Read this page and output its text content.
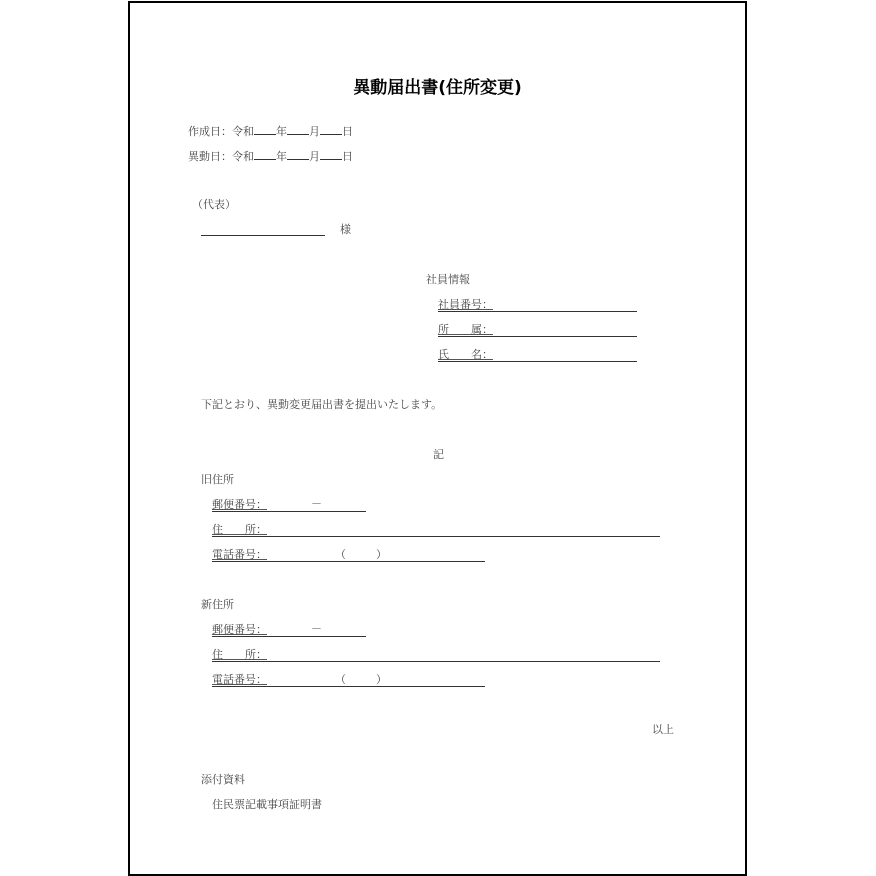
異動届出書(住所変更)
作成日：令和 年 月 日
異動日：令和 年 月 日
（代表）
様
社員情報
社員番号：
所　　属：
氏　　名：
下記とおり、異動変更届出書を提出いたします。
記
旧住所
郵便番号：	－
住　　所：
電話番号：	（	）
新住所
郵便番号：	－
住　　所：
電話番号：	（	）
以上
添付資料
住民票記載事項証明書
